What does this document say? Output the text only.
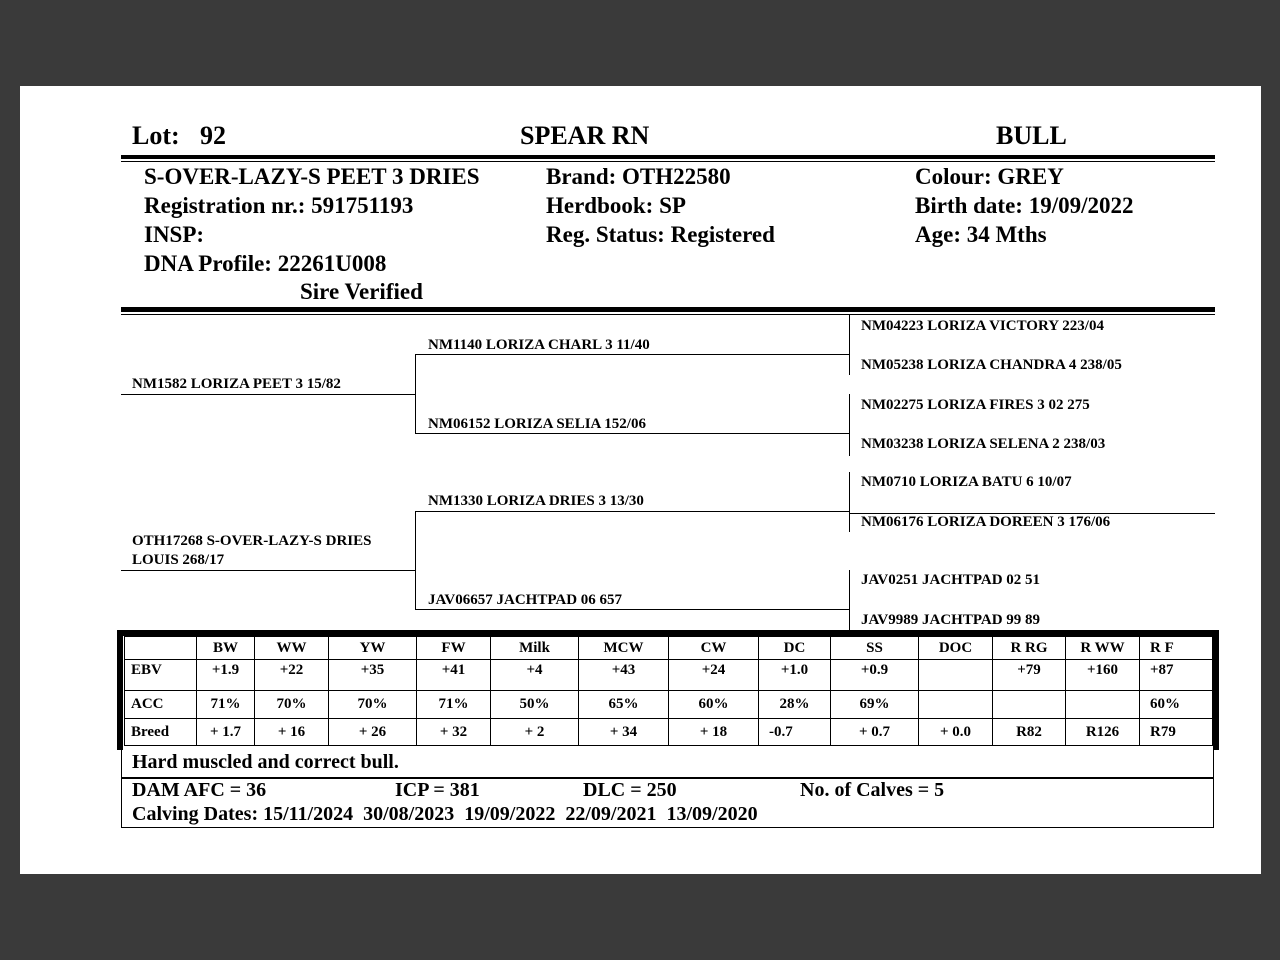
Lot: 92	SPEAR RN	BULL
S-OVER-LAZY-S PEET 3 DRIES
Registration nr.: 591751193
INSP:
DNA Profile: 22261U008
Sire Verified
Brand: OTH22580
Herdbook: SP
Reg. Status: Registered
Colour: GREY
Birth date: 19/09/2022
Age: 34 Mths
NM1582 LORIZA PEET 3 15/82
OTH17268 S-OVER-LAZY-S DRIES
LOUIS 268/17
NM1140 LORIZA CHARL 3 11/40
NM06152 LORIZA SELIA 152/06
NM1330 LORIZA DRIES 3 13/30
JAV06657 JACHTPAD 06 657
NM04223 LORIZA VICTORY 223/04
NM05238 LORIZA CHANDRA 4 238/05
NM02275 LORIZA FIRES 3 02 275
NM03238 LORIZA SELENA 2 238/03
NM0710 LORIZA BATU 6 10/07
NM06176 LORIZA DOREEN 3 176/06
JAV0251 JACHTPAD 02 51
JAV9989 JACHTPAD 99 89
	BW	WW	YW	FW	Milk	MCW	CW	DC	SS	DOC	R RG	R WW	R F
EBV	+1.9	+22	+35	+41	+4	+43	+24	+1.0	+0.9		+79	+160	+87
ACC	71%	70%	70%	71%	50%	65%	60%	28%	69%				60%
Breed	+ 1.7	+ 16	+ 26	+ 32	+ 2	+ 34	+ 18	-0.7	+ 0.7	+ 0.0	R82	R126	R79
Hard muscled and correct bull.
DAM AFC = 36	ICP = 381	DLC = 250	No. of Calves = 5
Calving Dates: 15/11/2024  30/08/2023  19/09/2022  22/09/2021  13/09/2020
